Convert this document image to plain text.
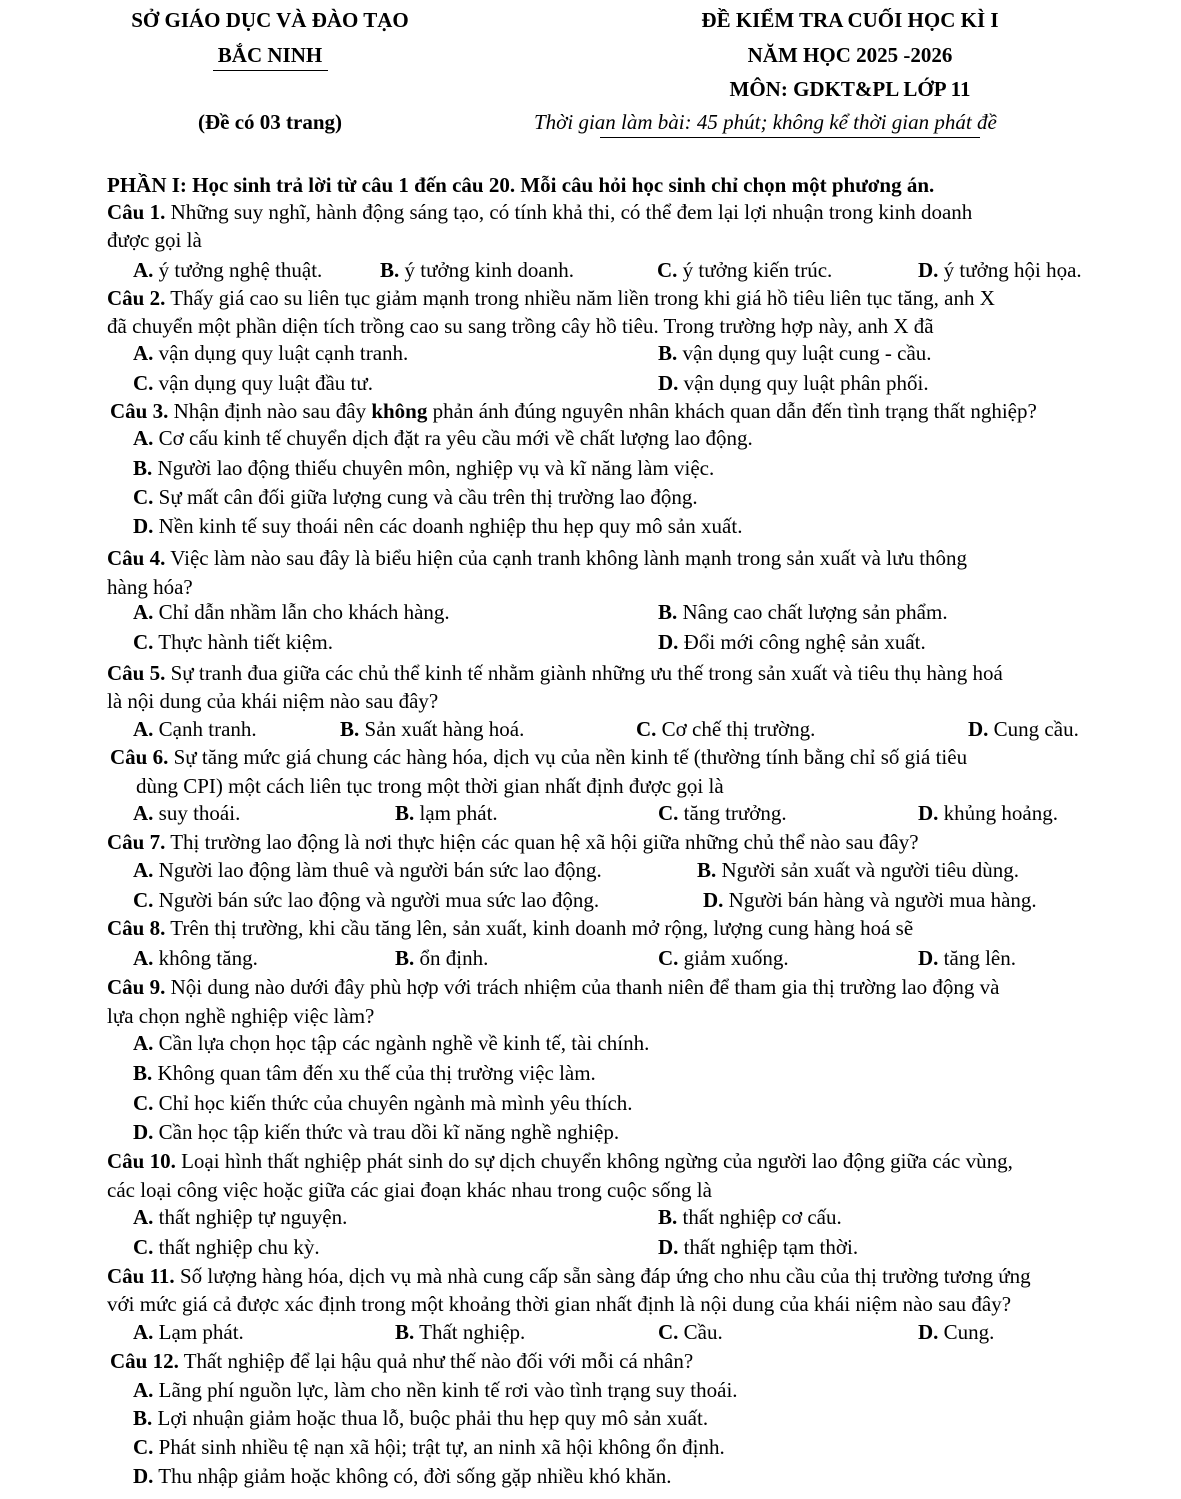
SỞ GIÁO DỤC VÀ ĐÀO TẠO
BẮC NINH
(Đề có 03 trang)
ĐỀ KIỂM TRA CUỐI HỌC KÌ I
NĂM HỌC 2025 -2026
MÔN: GDKT&PL LỚP 11
Thời gian làm bài: 45 phút; không kể thời gian phát đề
PHẦN I: Học sinh trả lời từ câu 1 đến câu 20. Mỗi câu hỏi học sinh chỉ chọn một phương án.
Câu 1. Những suy nghĩ, hành động sáng tạo, có tính khả thi, có thể đem lại lợi nhuận trong kinh doanh
được gọi là
A. ý tưởng nghệ thuật.	B. ý tưởng kinh doanh.	C. ý tưởng kiến trúc.	D. ý tưởng hội họa.
Câu 2. Thấy giá cao su liên tục giảm mạnh trong nhiều năm liền trong khi giá hồ tiêu liên tục tăng, anh X
đã chuyển một phần diện tích trồng cao su sang trồng cây hồ tiêu. Trong trường hợp này, anh X đã
A. vận dụng quy luật cạnh tranh.	B. vận dụng quy luật cung - cầu.
C. vận dụng quy luật đầu tư.	D. vận dụng quy luật phân phối.
Câu 3. Nhận định nào sau đây không phản ánh đúng nguyên nhân khách quan dẫn đến tình trạng thất nghiệp?
A. Cơ cấu kinh tế chuyển dịch đặt ra yêu cầu mới về chất lượng lao động.
B. Người lao động thiếu chuyên môn, nghiệp vụ và kĩ năng làm việc.
C. Sự mất cân đối giữa lượng cung và cầu trên thị trường lao động.
D. Nền kinh tế suy thoái nên các doanh nghiệp thu hẹp quy mô sản xuất.
Câu 4. Việc làm nào sau đây là biểu hiện của cạnh tranh không lành mạnh trong sản xuất và lưu thông
hàng hóa?
A. Chỉ dẫn nhầm lẫn cho khách hàng.	B. Nâng cao chất lượng sản phẩm.
C. Thực hành tiết kiệm.	D. Đổi mới công nghệ sản xuất.
Câu 5. Sự tranh đua giữa các chủ thể kinh tế nhằm giành những ưu thế trong sản xuất và tiêu thụ hàng hoá
là nội dung của khái niệm nào sau đây?
A. Cạnh tranh.	B. Sản xuất hàng hoá.	C. Cơ chế thị trường.	D. Cung cầu.
Câu 6. Sự tăng mức giá chung các hàng hóa, dịch vụ của nền kinh tế (thường tính bằng chỉ số giá tiêu
dùng CPI) một cách liên tục trong một thời gian nhất định được gọi là
A. suy thoái.	B. lạm phát.	C. tăng trưởng.	D. khủng hoảng.
Câu 7. Thị trường lao động là nơi thực hiện các quan hệ xã hội giữa những chủ thể nào sau đây?
A. Người lao động làm thuê và người bán sức lao động.	B. Người sản xuất và người tiêu dùng.
C. Người bán sức lao động và người mua sức lao động.	D. Người bán hàng và người mua hàng.
Câu 8. Trên thị trường, khi cầu tăng lên, sản xuất, kinh doanh mở rộng, lượng cung hàng hoá sẽ
A. không tăng.	B. ổn định.	C. giảm xuống.	D. tăng lên.
Câu 9. Nội dung nào dưới đây phù hợp với trách nhiệm của thanh niên để tham gia thị trường lao động và
lựa chọn nghề nghiệp việc làm?
A. Cần lựa chọn học tập các ngành nghề về kinh tế, tài chính.
B. Không quan tâm đến xu thế của thị trường việc làm.
C. Chỉ học kiến thức của chuyên ngành mà mình yêu thích.
D. Cần học tập kiến thức và trau dồi kĩ năng nghề nghiệp.
Câu 10. Loại hình thất nghiệp phát sinh do sự dịch chuyển không ngừng của người lao động giữa các vùng,
các loại công việc hoặc giữa các giai đoạn khác nhau trong cuộc sống là
A. thất nghiệp tự nguyện.	B. thất nghiệp cơ cấu.
C. thất nghiệp chu kỳ.	D. thất nghiệp tạm thời.
Câu 11. Số lượng hàng hóa, dịch vụ mà nhà cung cấp sẵn sàng đáp ứng cho nhu cầu của thị trường tương ứng
với mức giá cả được xác định trong một khoảng thời gian nhất định là nội dung của khái niệm nào sau đây?
A. Lạm phát.	B. Thất nghiệp.	C. Cầu.	D. Cung.
Câu 12. Thất nghiệp để lại hậu quả như thế nào đối với mỗi cá nhân?
A. Lãng phí nguồn lực, làm cho nền kinh tế rơi vào tình trạng suy thoái.
B. Lợi nhuận giảm hoặc thua lỗ, buộc phải thu hẹp quy mô sản xuất.
C. Phát sinh nhiều tệ nạn xã hội; trật tự, an ninh xã hội không ổn định.
D. Thu nhập giảm hoặc không có, đời sống gặp nhiều khó khăn.
